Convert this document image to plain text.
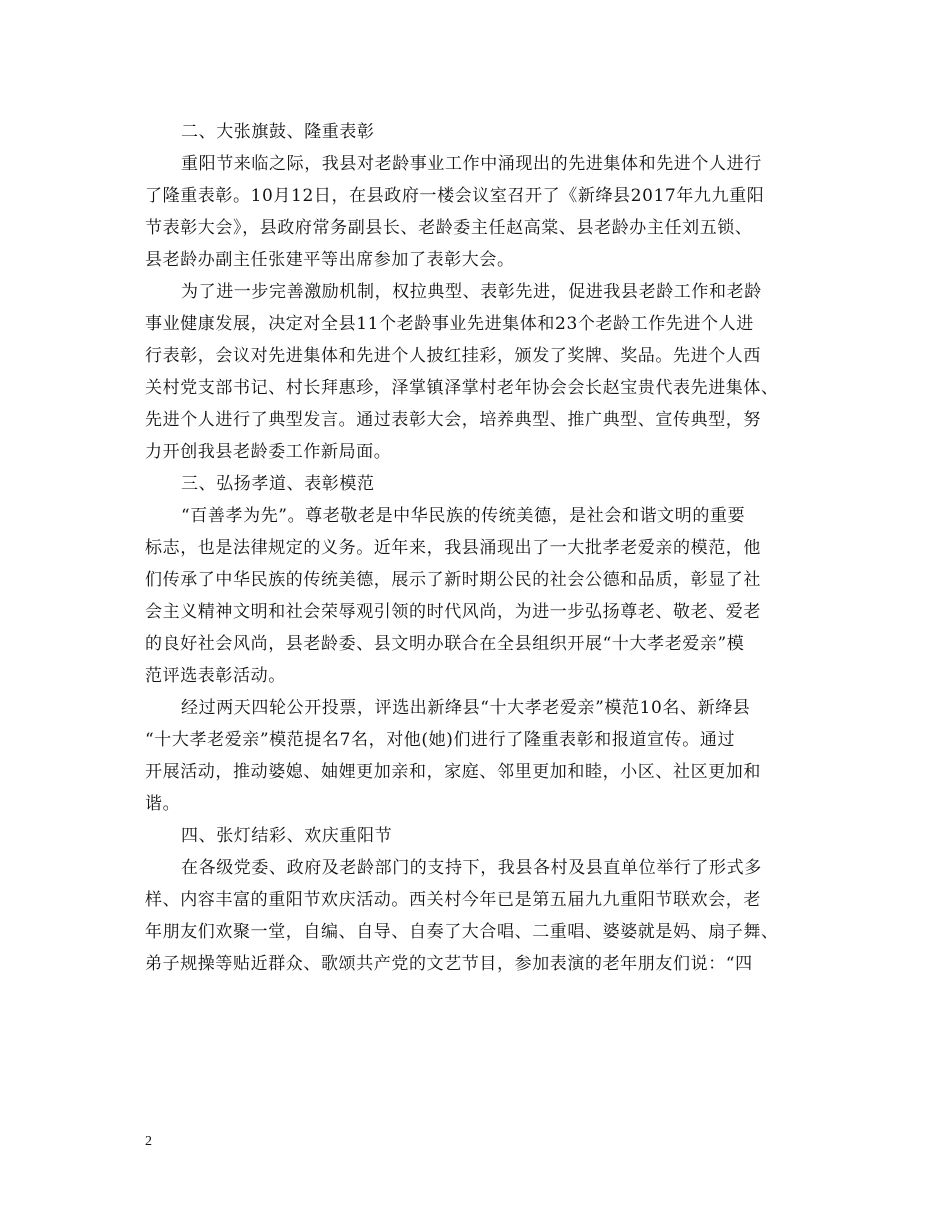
二、大张旗鼓、隆重表彰
重阳节来临之际，我县对老龄事业工作中涌现出的先进集体和先进个人进行
了隆重表彰。10月12日，在县政府一楼会议室召开了《新绛县2017年九九重阳
节表彰大会》，县政府常务副县长、老龄委主任赵高棠、县老龄办主任刘五锁、
县老龄办副主任张建平等出席参加了表彰大会。
为了进一步完善激励机制，权拉典型、表彰先进，促进我县老龄工作和老龄
事业健康发展，决定对全县11个老龄事业先进集体和23个老龄工作先进个人进
行表彰，会议对先进集体和先进个人披红挂彩，颁发了奖牌、奖品。先进个人西
关村党支部书记、村长拜惠珍，泽掌镇泽掌村老年协会会长赵宝贵代表先进集体、
先进个人进行了典型发言。通过表彰大会，培养典型、推广典型、宣传典型，努
力开创我县老龄委工作新局面。
三、弘扬孝道、表彰模范
“百善孝为先”。尊老敬老是中华民族的传统美德，是社会和谐文明的重要
标志，也是法律规定的义务。近年来，我县涌现出了一大批孝老爱亲的模范，他
们传承了中华民族的传统美德，展示了新时期公民的社会公德和品质，彰显了社
会主义精神文明和社会荣辱观引领的时代风尚，为进一步弘扬尊老、敬老、爱老
的良好社会风尚，县老龄委、县文明办联合在全县组织开展“十大孝老爱亲”模
范评选表彰活动。
经过两天四轮公开投票，评选出新绛县“十大孝老爱亲”模范10名、新绛县
“十大孝老爱亲”模范提名7名，对他(她)们进行了隆重表彰和报道宣传。通过
开展活动，推动婆媳、妯娌更加亲和，家庭、邻里更加和睦，小区、社区更加和
谐。
四、张灯结彩、欢庆重阳节
在各级党委、政府及老龄部门的支持下，我县各村及县直单位举行了形式多
样、内容丰富的重阳节欢庆活动。西关村今年已是第五届九九重阳节联欢会，老
年朋友们欢聚一堂，自编、自导、自奏了大合唱、二重唱、婆婆就是妈、扇子舞、
弟子规操等贴近群众、歌颂共产党的文艺节目，参加表演的老年朋友们说：“四
2
